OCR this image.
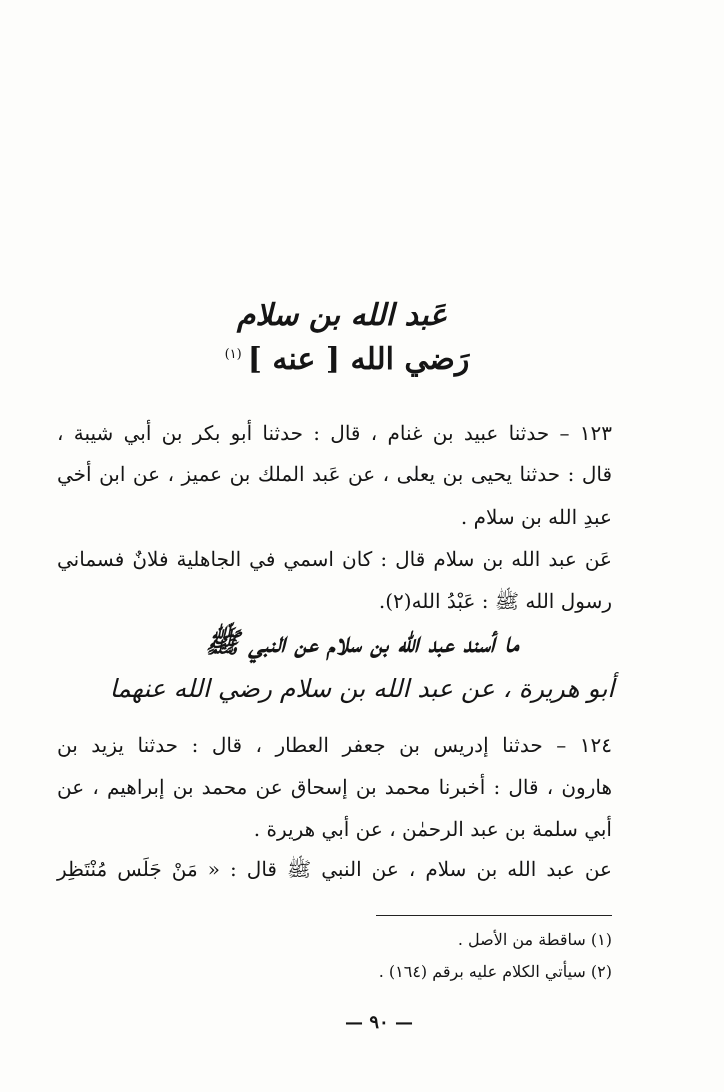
عَبد الله بن سلام
رَضي الله [ عنه ]$^{(١)}$
١٢٣ – حدثنا عبيد بن غنام ، قال : حدثنا أبو بكر بن أبي شيبة ،
قال : حدثنا يحيى بن يعلى ، عن عَبد الملك بن عميز ، عن ابن أخي
عبدِ الله بن سلام .
عَن عبد الله بن سلام قال : كان اسمي في الجاهلية فلانٌ فسماني
رسول الله ﷺ : عَبْدُ الله(٢).
ما أسند عبد الله بن سلام عن النبي ﷺ
أبو هريرة ، عن عبد الله بن سلام رضي الله عنهما
١٢٤ – حدثنا إدريس بن جعفر العطار ، قال : حدثنا يزيد بن
هارون ، قال : أخبرنا محمد بن إسحاق عن محمد بن إبراهيم ، عن
أبي سلمة بن عبد الرحمٰن ، عن أبي هريرة .
عن عبد الله بن سلام ، عن النبي ﷺ قال : « مَنْ جَلَس مُنْتَظِر
(١) ساقطة من الأصل .
(٢) سيأتي الكلام عليه برقم (١٦٤) .
— ٩٠ —
